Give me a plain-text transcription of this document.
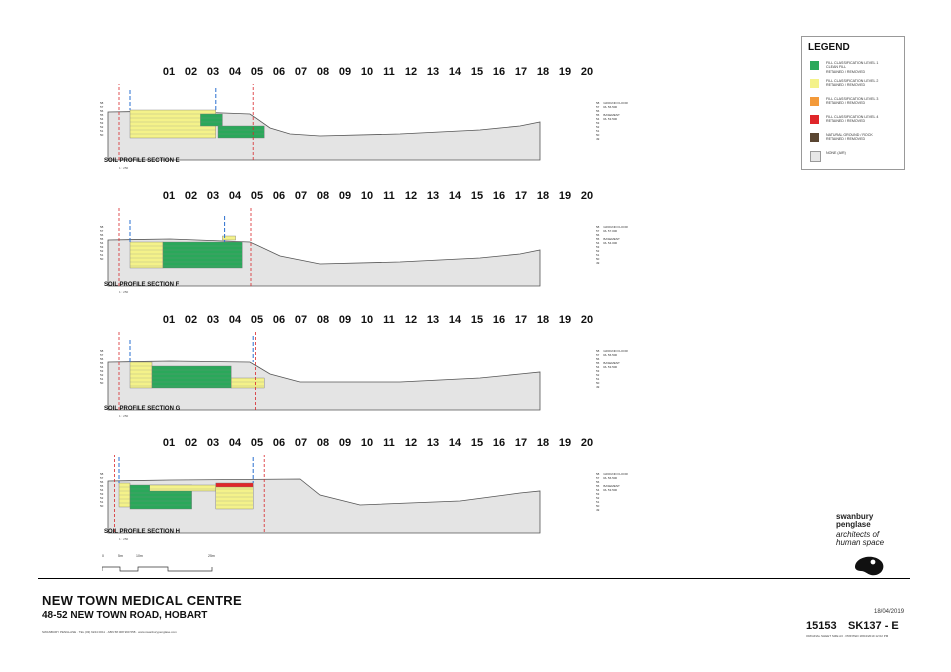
01 02 03 04 05 06 07 08 09 10 11 12 13 14 15 16 17 18 19 20
58
57
56
55
54
53
52
51
50
58 GROUND FLOOR
57 RL 56.500
56
55 BASEMENT
54 RL 53.500
53
52
51
50
49
SOIL PROFILE SECTION E
1 : 250
01 02 03 04 05 06 07 08 09 10 11 12 13 14 15 16 17 18 19 20
58
57
56
55
54
53
52
51
50
58 GROUND FLOOR
57 RL 57.000
56
55 BASEMENT
54 RL 54.000
53
52
51
50
49
SOIL PROFILE SECTION F
1 : 250
01 02 03 04 05 06 07 08 09 10 11 12 13 14 15 16 17 18 19 20
58
57
56
55
54
53
52
51
50
58 GROUND FLOOR
57 RL 56.500
56
55 BASEMENT
54 RL 53.500
53
52
51
50
49
SOIL PROFILE SECTION G
1 : 250
01 02 03 04 05 06 07 08 09 10 11 12 13 14 15 16 17 18 19 20
58
57
56
55
54
53
52
51
50
58 GROUND FLOOR
57 RL 56.500
56
55 BASEMENT
54 RL 53.500
53
52
51
50
49
SOIL PROFILE SECTION H
1 : 250
LEGEND
FILL CLASSIFICATION LEVEL 1
CLEAN FILL
RETAINED / REMOVED
FILL CLASSIFICATION LEVEL 2
RETAINED / REMOVED
FILL CLASSIFICATION LEVEL 3
RETAINED / REMOVED
FILL CLASSIFICATION LEVEL 4
RETAINED / REMOVED
NATURAL GROUND / ROCK
RETAINED / REMOVED
NONE (AIR)
0	5m	10m	25m
swanbury
penglase
architects of
human space
NEW TOWN MEDICAL CENTRE
48-52 NEW TOWN ROAD, HOBART
SWANBURY PENGLASE · TEL (03) 6224 0011 · ABN 58 008 960 558 · www.swanburypenglase.com
18/04/2019
15153 SK137 - E
ORIGINAL SHEET SIZE A3 · PRINTED 18/04/2019 12:02 PM
